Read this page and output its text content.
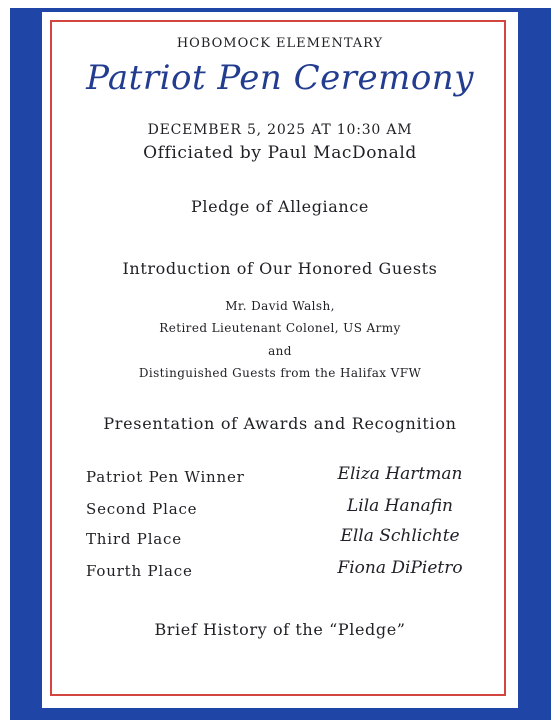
HOBOMOCK ELEMENTARY
Patriot Pen Ceremony
DECEMBER 5, 2025 AT 10:30 AM
Officiated by Paul MacDonald
Pledge of Allegiance
Introduction of Our Honored Guests
Mr. David Walsh,
Retired Lieutenant Colonel, US Army
and
Distinguished Guests from the Halifax VFW
Presentation of Awards and Recognition
Patriot Pen Winner	Eliza Hartman
Second Place	Lila Hanafin
Third Place	Ella Schlichte
Fourth Place	Fiona DiPietro
Brief History of the “Pledge”
